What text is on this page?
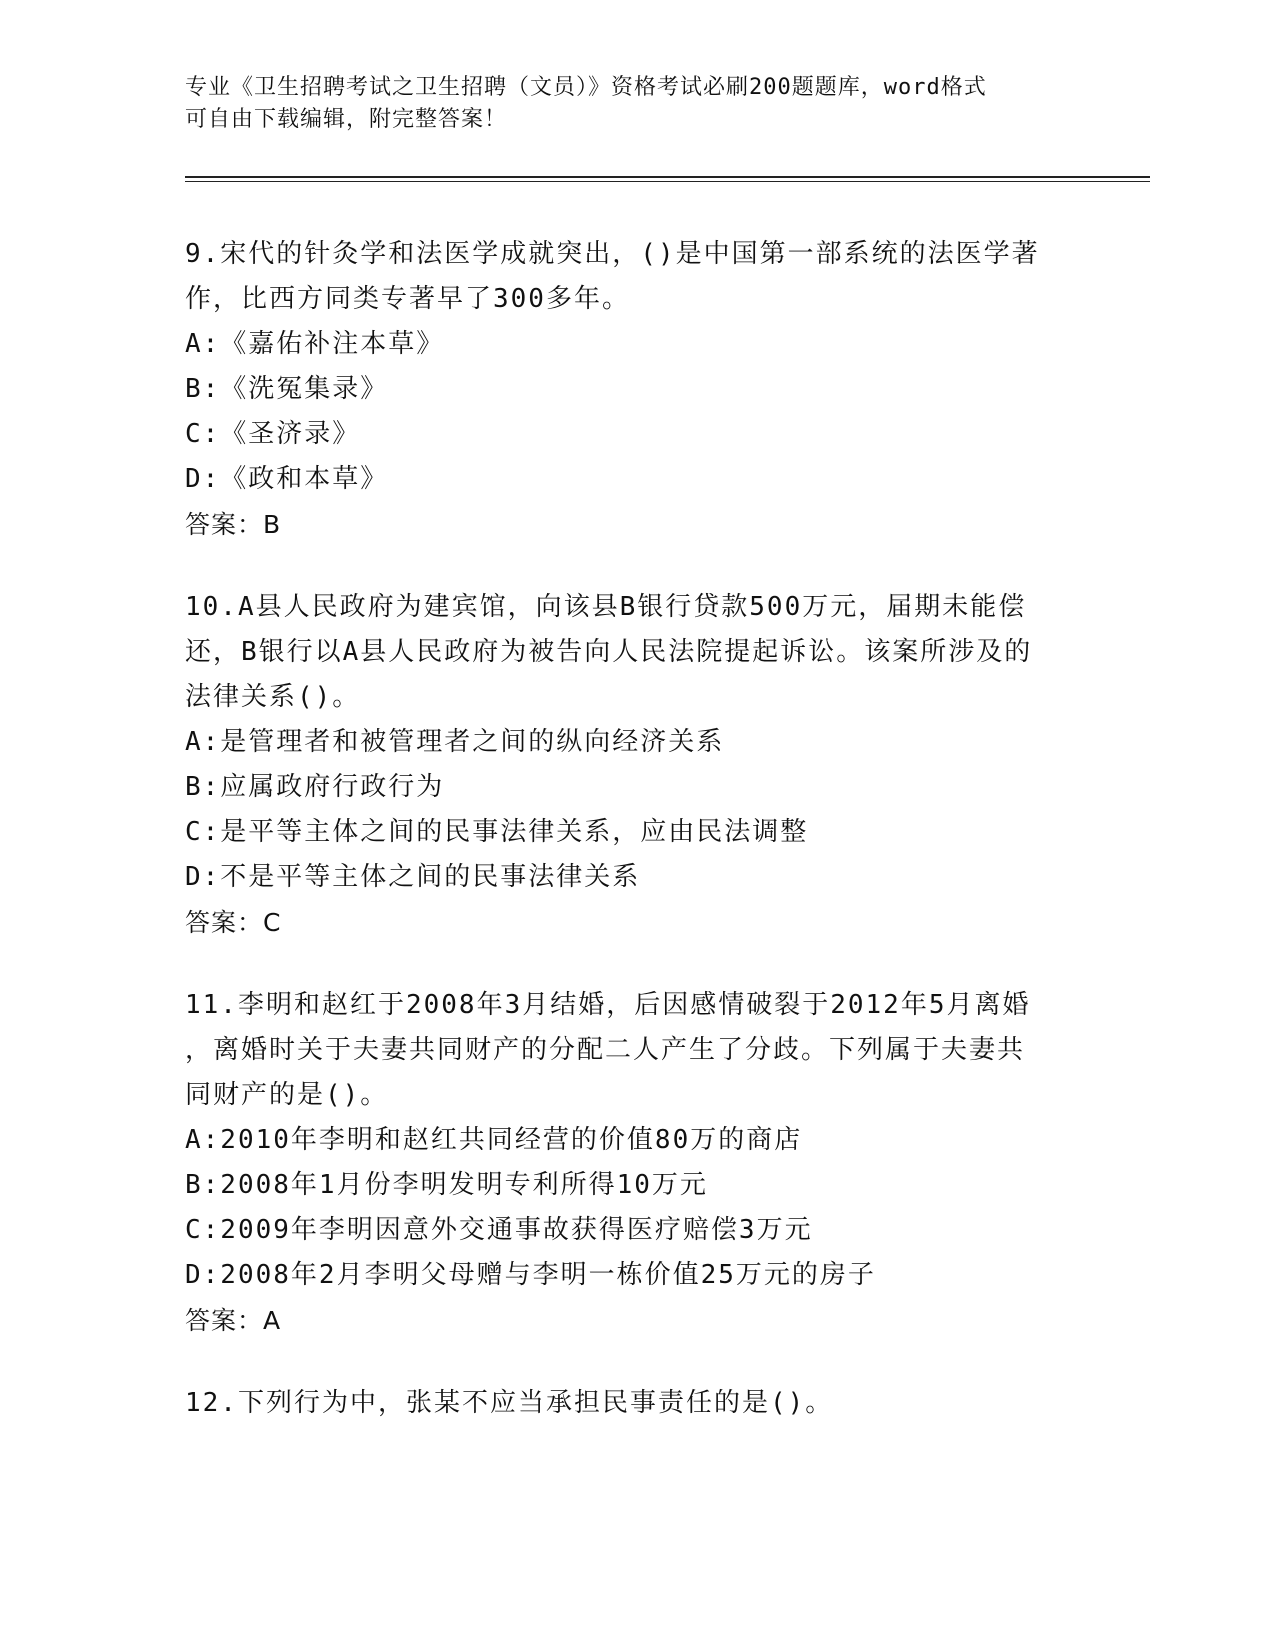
专业《卫生招聘考试之卫生招聘（文员）》资格考试必刷200题题库，word格式
可自由下载编辑，附完整答案！
9.宋代的针灸学和法医学成就突出，()是中国第一部系统的法医学著
作，比西方同类专著早了300多年。
A:《嘉佑补注本草》
B:《洗冤集录》
C:《圣济录》
D:《政和本草》
答案：B
10.A县人民政府为建宾馆，向该县B银行贷款500万元，届期未能偿
还，B银行以A县人民政府为被告向人民法院提起诉讼。该案所涉及的
法律关系()。
A:是管理者和被管理者之间的纵向经济关系
B:应属政府行政行为
C:是平等主体之间的民事法律关系，应由民法调整
D:不是平等主体之间的民事法律关系
答案：C
11.李明和赵红于2008年3月结婚，后因感情破裂于2012年5月离婚
，离婚时关于夫妻共同财产的分配二人产生了分歧。下列属于夫妻共
同财产的是()。
A:2010年李明和赵红共同经营的价值80万的商店
B:2008年1月份李明发明专利所得10万元
C:2009年李明因意外交通事故获得医疗赔偿3万元
D:2008年2月李明父母赠与李明一栋价值25万元的房子
答案：A
12.下列行为中，张某不应当承担民事责任的是()。
